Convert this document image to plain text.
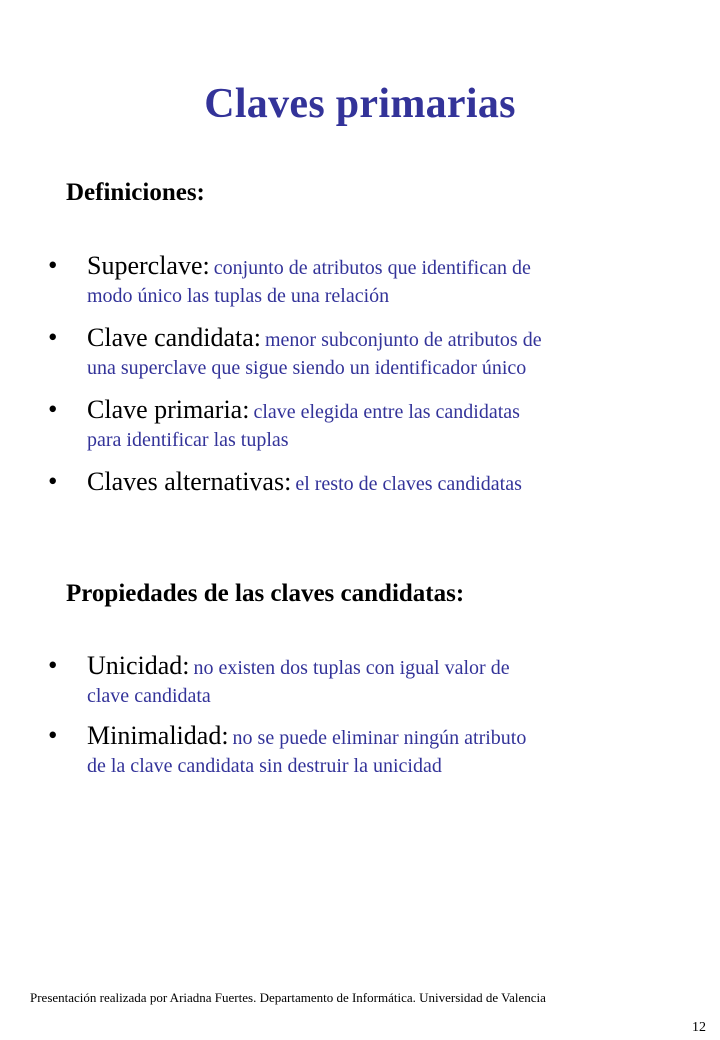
Claves primarias
Definiciones:
• Superclave: conjunto de atributos que identifican de
modo único las tuplas de una relación
• Clave candidata: menor subconjunto de atributos de
una superclave que sigue siendo un identificador único
• Clave primaria: clave elegida entre las candidatas
para identificar las tuplas
• Claves alternativas: el resto de claves candidatas
Propiedades de las claves candidatas:
• Unicidad: no existen dos tuplas con igual valor de
clave candidata
• Minimalidad: no se puede eliminar ningún atributo
de la clave candidata sin destruir la unicidad
Presentación realizada por Ariadna Fuertes. Departamento de Informática. Universidad de Valencia
12
